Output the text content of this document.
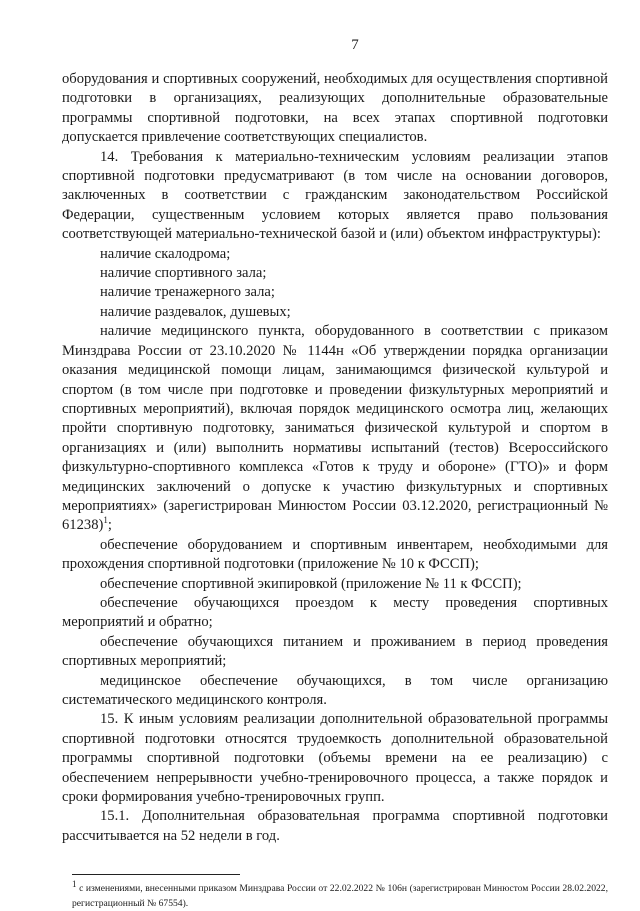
7

оборудования и спортивных сооружений, необходимых для осуществления спортивной подготовки в организациях, реализующих дополнительные образовательные программы спортивной подготовки, на всех этапах спортивной подготовки допускается привлечение соответствующих специалистов.

14. Требования к материально-техническим условиям реализации этапов спортивной подготовки предусматривают (в том числе на основании договоров, заключенных в соответствии с гражданским законодательством Российской Федерации, существенным условием которых является право пользования соответствующей материально-технической базой и (или) объектом инфраструктуры):

наличие скалодрома;

наличие спортивного зала;

наличие тренажерного зала;

наличие раздевалок, душевых;

наличие медицинского пункта, оборудованного в соответствии с приказом Минздрава России от 23.10.2020 № 1144н «Об утверждении порядка организации оказания медицинской помощи лицам, занимающимся физической культурой и спортом (в том числе при подготовке и проведении физкультурных мероприятий и спортивных мероприятий), включая порядок медицинского осмотра лиц, желающих пройти спортивную подготовку, заниматься физической культурой и спортом в организациях и (или) выполнить нормативы испытаний (тестов) Всероссийского физкультурно-спортивного комплекса «Готов к труду и обороне» (ГТО)» и форм медицинских заключений о допуске к участию физкультурных и спортивных мероприятиях» (зарегистрирован Минюстом России 03.12.2020, регистрационный № 61238)$^1$;

обеспечение оборудованием и спортивным инвентарем, необходимыми для прохождения спортивной подготовки (приложение № 10 к ФССП);

обеспечение спортивной экипировкой (приложение № 11 к ФССП);

обеспечение обучающихся проездом к месту проведения спортивных мероприятий и обратно;

обеспечение обучающихся питанием и проживанием в период проведения спортивных мероприятий;

медицинское обеспечение обучающихся, в том числе организацию систематического медицинского контроля.

15. К иным условиям реализации дополнительной образовательной программы спортивной подготовки относятся трудоемкость дополнительной образовательной программы спортивной подготовки (объемы времени на ее реализацию) с обеспечением непрерывности учебно-тренировочного процесса, а также порядок и сроки формирования учебно-тренировочных групп.

15.1. Дополнительная образовательная программа спортивной подготовки рассчитывается на 52 недели в год.

$^1$ с изменениями, внесенными приказом Минздрава России от 22.02.2022 № 106н (зарегистрирован Минюстом России 28.02.2022, регистрационный № 67554).
